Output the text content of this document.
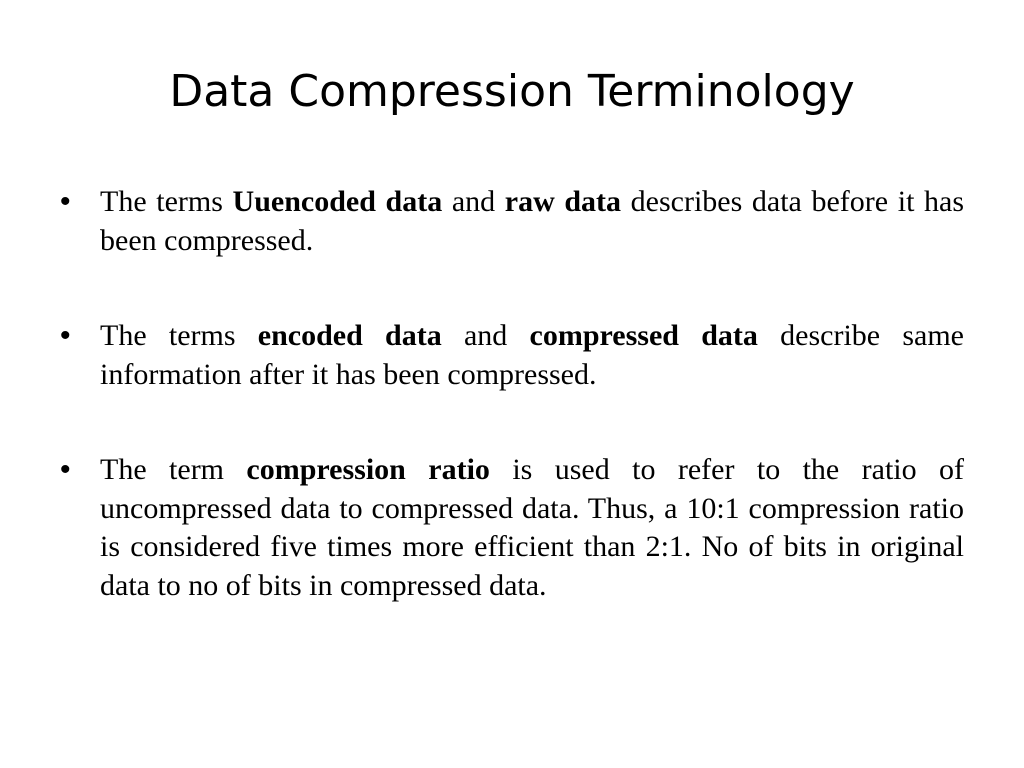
Data Compression Terminology
• The terms Uuencoded data and raw data describes data before it has been compressed.
• The terms encoded data and compressed data describe same information after it has been compressed.
• The term compression ratio is used to refer to the ratio of uncompressed data to compressed data. Thus, a 10:1 compression ratio is considered five times more efficient than 2:1. No of bits in original data to no of bits in compressed data.
